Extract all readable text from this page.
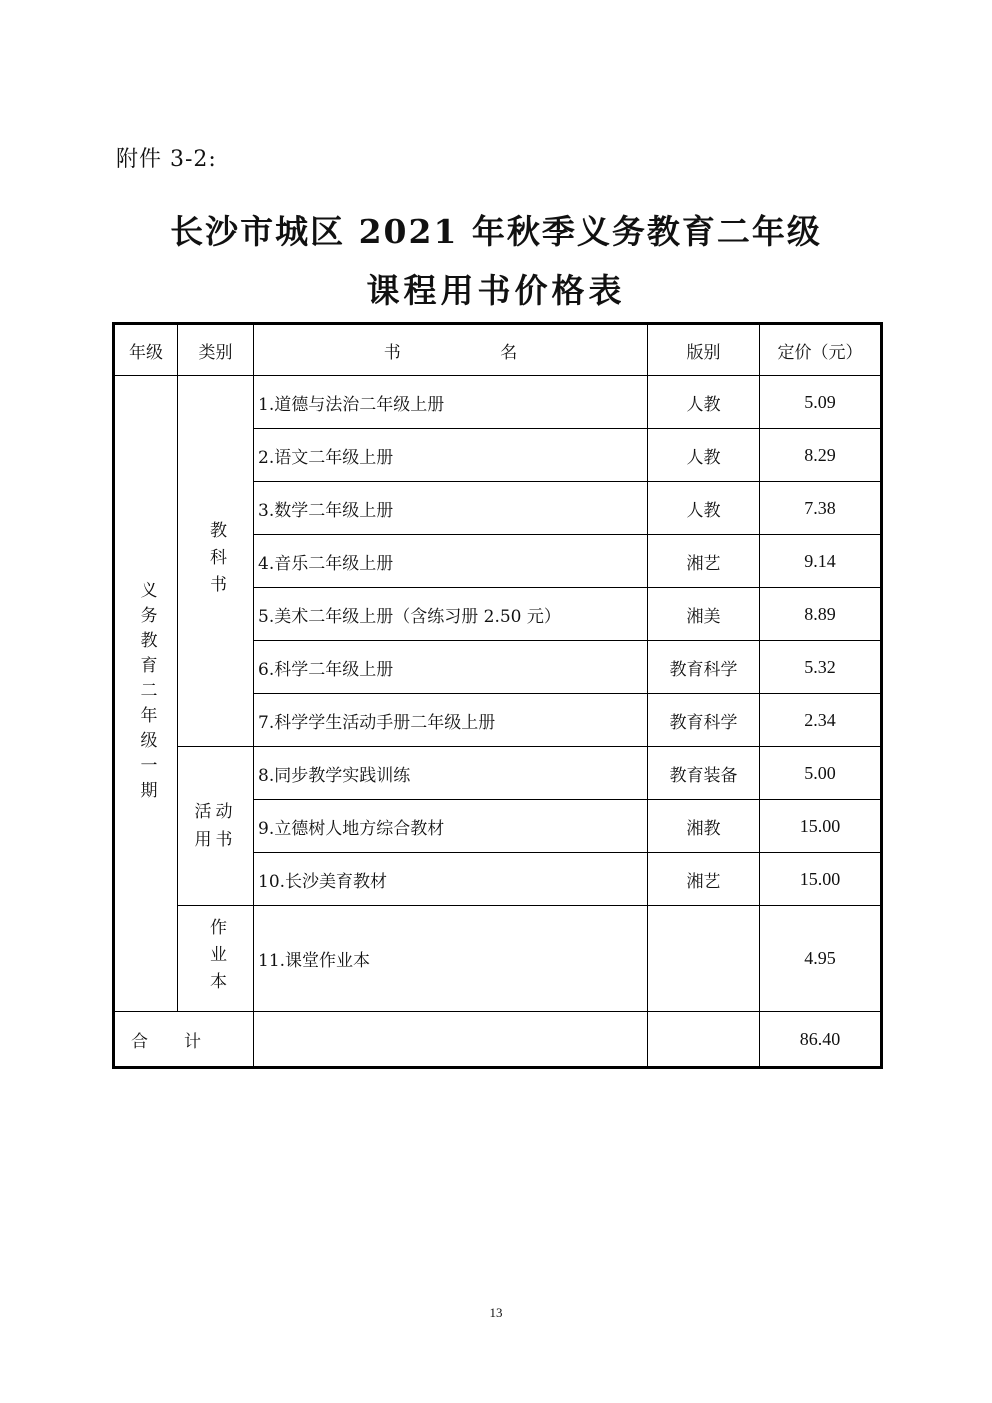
附件 3-2:
长沙市城区 2021 年秋季义务教育二年级
课程用书价格表
年级	类别	书 名	版别	定价（元）

义务教育二年级一期	教科书	1.道德与法治二年级上册	人教	5.09
		2.语文二年级上册	人教	8.29
		3.数学二年级上册	人教	7.38
		4.音乐二年级上册	湘艺	9.14
		5.美术二年级上册（含练习册 2.50 元）	湘美	8.89
		6.科学二年级上册	教育科学	5.32
		7.科学学生活动手册二年级上册	教育科学	2.34

	活动用书	8.同步教学实践训练	教育装备	5.00
		9.立德树人地方综合教材	湘教	15.00
		10.长沙美育教材	湘艺	15.00

	作业本	11.课堂作业本		4.95
合计				86.40
13
